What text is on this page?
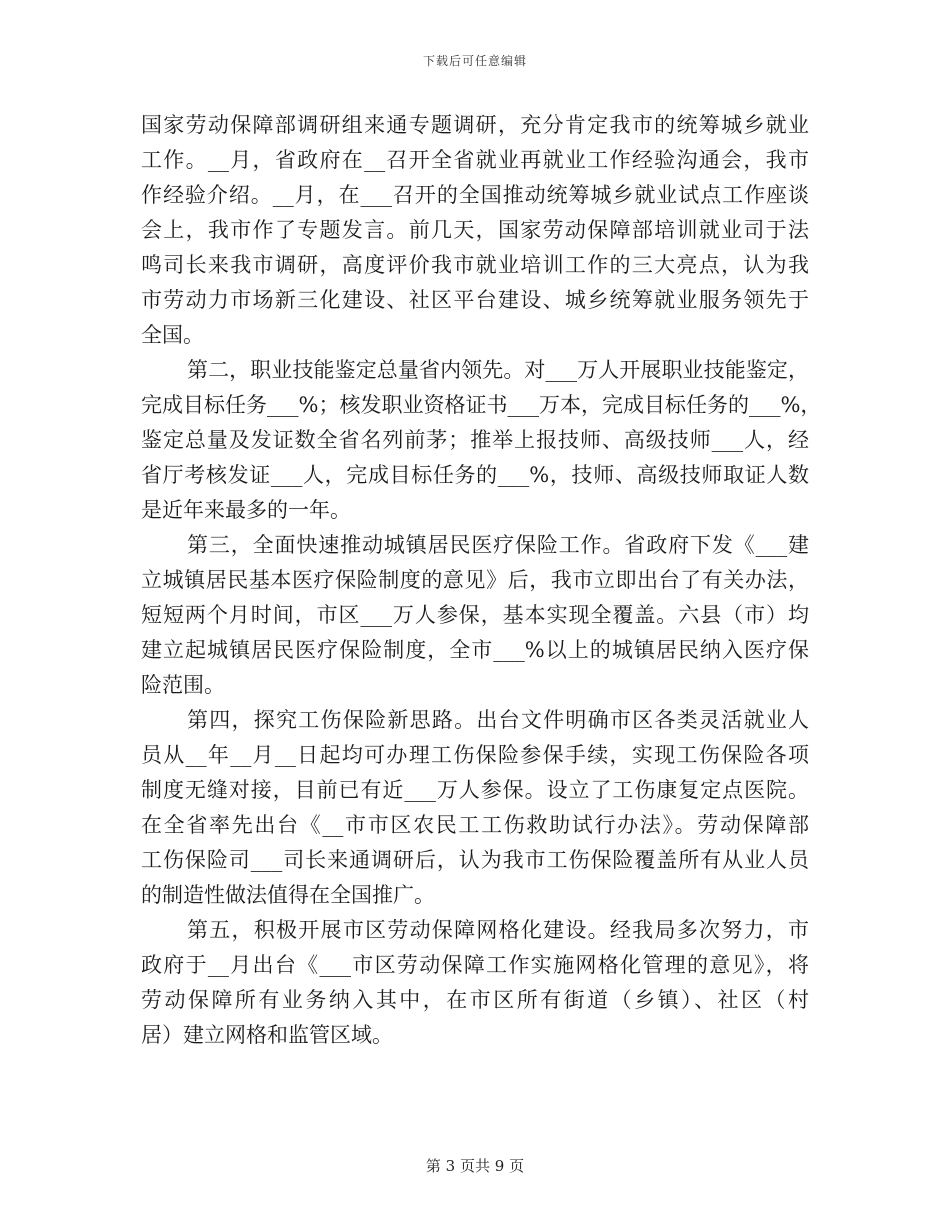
下载后可任意编辑
国家劳动保障部调研组来通专题调研，充分肯定我市的统筹城乡就业
工作。__月，省政府在__召开全省就业再就业工作经验沟通会，我市
作经验介绍。__月，在___召开的全国推动统筹城乡就业试点工作座谈
会上，我市作了专题发言。前几天，国家劳动保障部培训就业司于法
鸣司长来我市调研，高度评价我市就业培训工作的三大亮点，认为我
市劳动力市场新三化建设、社区平台建设、城乡统筹就业服务领先于
全国。
第二，职业技能鉴定总量省内领先。对___万人开展职业技能鉴定，
完成目标任务___%；核发职业资格证书___万本，完成目标任务的___%，
鉴定总量及发证数全省名列前茅；推举上报技师、高级技师___人，经
省厅考核发证___人，完成目标任务的___%，技师、高级技师取证人数
是近年来最多的一年。
第三，全面快速推动城镇居民医疗保险工作。省政府下发《___建
立城镇居民基本医疗保险制度的意见》后，我市立即出台了有关办法，
短短两个月时间，市区___万人参保，基本实现全覆盖。六县（市）均
建立起城镇居民医疗保险制度，全市___%以上的城镇居民纳入医疗保
险范围。
第四，探究工伤保险新思路。出台文件明确市区各类灵活就业人
员从__年__月__日起均可办理工伤保险参保手续，实现工伤保险各项
制度无缝对接，目前已有近___万人参保。设立了工伤康复定点医院。
在全省率先出台《__市市区农民工工伤救助试行办法》。劳动保障部
工伤保险司___司长来通调研后，认为我市工伤保险覆盖所有从业人员
的制造性做法值得在全国推广。
第五，积极开展市区劳动保障网格化建设。经我局多次努力，市
政府于__月出台《___市区劳动保障工作实施网格化管理的意见》，将
劳动保障所有业务纳入其中，在市区所有街道（乡镇）、社区（村
居）建立网格和监管区域。
第 3 页共 9 页
